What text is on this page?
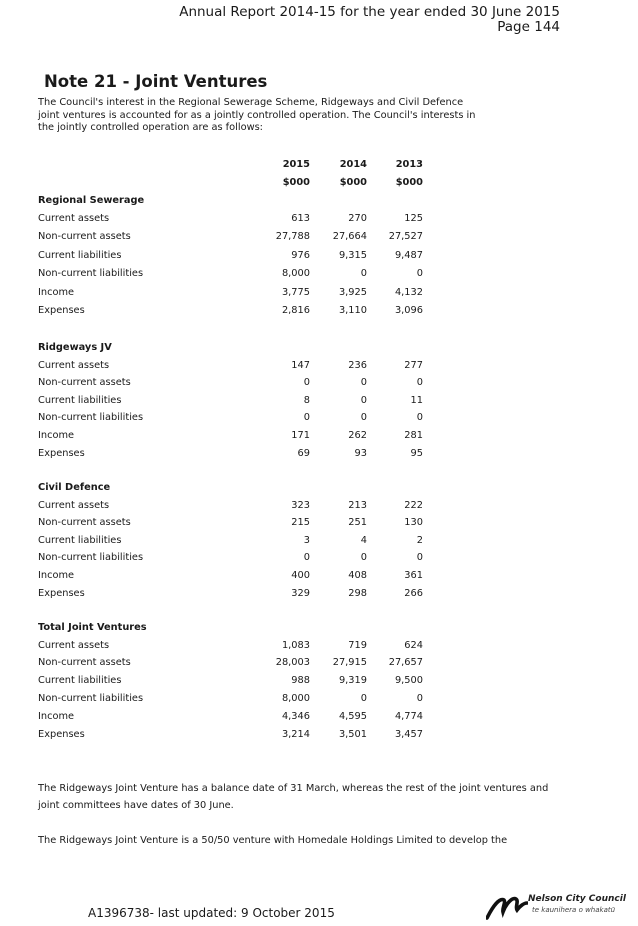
Annual Report 2014-15 for the year ended 30 June 2015
Page 144
Note 21 - Joint Ventures
The Council's interest in the Regional Sewerage Scheme, Ridgeways and Civil Defence joint ventures is accounted for as a jointly controlled operation. The Council's interests in the jointly controlled operation are as follows:
2015	2014	2013
$000	$000	$000
Regional Sewerage
Current assets	613	270	125
Non-current assets	27,788	27,664	27,527
Current liabilities	976	9,315	9,487
Non-current liabilities	8,000	0	0
Income	3,775	3,925	4,132
Expenses	2,816	3,110	3,096
Ridgeways JV
Current assets	147	236	277
Non-current assets	0	0	0
Current liabilities	8	0	11
Non-current liabilities	0	0	0
Income	171	262	281
Expenses	69	93	95
Civil Defence
Current assets	323	213	222
Non-current assets	215	251	130
Current liabilities	3	4	2
Non-current liabilities	0	0	0
Income	400	408	361
Expenses	329	298	266
Total Joint Ventures
Current assets	1,083	719	624
Non-current assets	28,003	27,915	27,657
Current liabilities	988	9,319	9,500
Non-current liabilities	8,000	0	0
Income	4,346	4,595	4,774
Expenses	3,214	3,501	3,457
The Ridgeways Joint Venture has a balance date of 31 March, whereas the rest of the joint ventures and joint committees have dates of 30 June.
The Ridgeways Joint Venture is a 50/50 venture with Homedale Holdings Limited to develop the
A1396738- last updated: 9 October 2015
Nelson City Council
te kaunihera o whakatū
